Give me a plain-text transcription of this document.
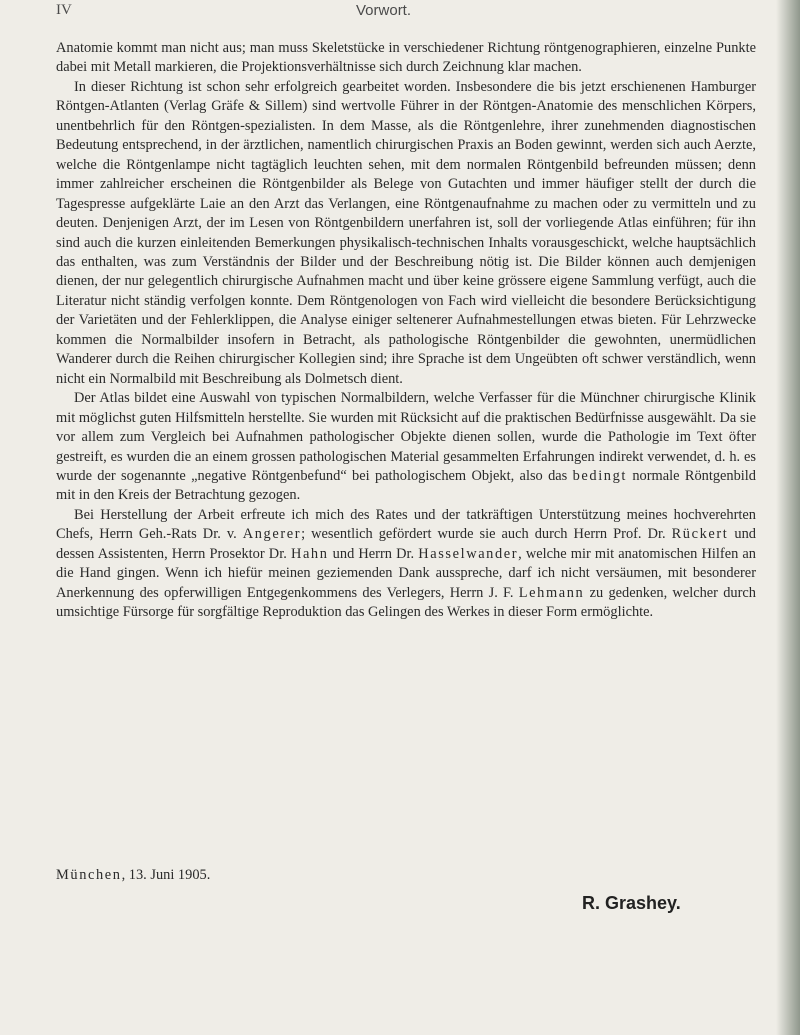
IV	Vorwort.

Anatomie kommt man nicht aus; man muss Skeletstücke in verschiedener Richtung röntgenographieren, einzelne Punkte dabei mit Metall markieren, die Projektionsverhältnisse sich durch Zeichnung klar machen.

In dieser Richtung ist schon sehr erfolgreich gearbeitet worden. Insbesondere die bis jetzt erschienenen Hamburger Röntgen-Atlanten (Verlag Gräfe & Sillem) sind wertvolle Führer in der Röntgen-Anatomie des menschlichen Körpers, unentbehrlich für den Röntgen-spezialisten. In dem Masse, als die Röntgenlehre, ihrer zunehmenden diagnostischen Bedeutung entsprechend, in der ärztlichen, namentlich chirurgischen Praxis an Boden gewinnt, werden sich auch Aerzte, welche die Röntgenlampe nicht tagtäglich leuchten sehen, mit dem normalen Röntgenbild befreunden müssen; denn immer zahlreicher erscheinen die Röntgenbilder als Belege von Gutachten und immer häufiger stellt der durch die Tagespresse aufgeklärte Laie an den Arzt das Verlangen, eine Röntgenaufnahme zu machen oder zu vermitteln und zu deuten. Denjenigen Arzt, der im Lesen von Röntgenbildern unerfahren ist, soll der vorliegende Atlas einführen; für ihn sind auch die kurzen einleitenden Bemerkungen physikalisch-technischen Inhalts vorausgeschickt, welche hauptsächlich das enthalten, was zum Verständnis der Bilder und der Beschreibung nötig ist. Die Bilder können auch demjenigen dienen, der nur gelegentlich chirurgische Aufnahmen macht und über keine grössere eigene Sammlung verfügt, auch die Literatur nicht ständig verfolgen konnte. Dem Röntgenologen von Fach wird vielleicht die besondere Berücksichtigung der Varietäten und der Fehlerklippen, die Analyse einiger seltenerer Aufnahmestellungen etwas bieten. Für Lehrzwecke kommen die Normalbilder insofern in Betracht, als pathologische Röntgenbilder die gewohnten, unermüdlichen Wanderer durch die Reihen chirurgischer Kollegien sind; ihre Sprache ist dem Ungeübten oft schwer verständlich, wenn nicht ein Normalbild mit Beschreibung als Dolmetsch dient.

Der Atlas bildet eine Auswahl von typischen Normalbildern, welche Verfasser für die Münchner chirurgische Klinik mit möglichst guten Hilfsmitteln herstellte. Sie wurden mit Rücksicht auf die praktischen Bedürfnisse ausgewählt. Da sie vor allem zum Vergleich bei Aufnahmen pathologischer Objekte dienen sollen, wurde die Pathologie im Text öfter gestreift, es wurden die an einem grossen pathologischen Material gesammelten Erfahrungen indirekt verwendet, d. h. es wurde der sogenannte „negative Röntgenbefund“ bei pathologischem Objekt, also das bedingt normale Röntgenbild mit in den Kreis der Betrachtung gezogen.

Bei Herstellung der Arbeit erfreute ich mich des Rates und der tatkräftigen Unterstützung meines hochverehrten Chefs, Herrn Geh.-Rats Dr. v. Angerer; wesentlich gefördert wurde sie auch durch Herrn Prof. Dr. Rückert und dessen Assistenten, Herrn Prosektor Dr. Hahn und Herrn Dr. Hasselwander, welche mir mit anatomischen Hilfen an die Hand gingen. Wenn ich hiefür meinen geziemenden Dank ausspreche, darf ich nicht versäumen, mit besonderer Anerkennung des opferwilligen Entgegenkommens des Verlegers, Herrn J. F. Lehmann zu gedenken, welcher durch umsichtige Fürsorge für sorgfältige Reproduktion das Gelingen des Werkes in dieser Form ermöglichte.

München, 13. Juni 1905.
R. Grashey.
